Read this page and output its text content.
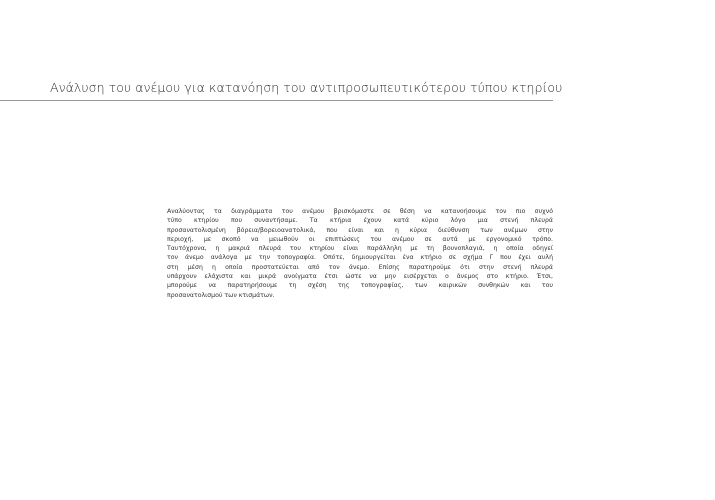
Ανάλυση του ανέμου για κατανόηση του αντιπροσωπευτικότερου τύπου κτηρίου
Αναλύοντας τα διαγράμματα του ανέμου βρισκόμαστε σε θέση να κατανοήσουμε τον πιο συχνό
τύπο κτηρίου που συναντήσαμε. Τα κτήρια έχουν κατά κύριο λόγο μια στενή πλευρά
προσανατολισμένη βόρεια/βορειοανατολικά, που είναι και η κύρια διεύθυνση των ανέμων στην
περιοχή, με σκοπό να μειωθούν οι επιπτώσεις του ανέμου σε αυτά με εργονομικό τρόπο.
Ταυτόχρονα, η μακριά πλευρά του κτηρίου είναι παράλληλη με τη βουνοπλαγιά, η οποία οδηγεί
τον άνεμο ανάλογα με την τοπογραφία. Οπότε, δημιουργείται ένα κτήριο σε σχήμα Γ που έχει αυλή
στη μέση η οποία προστατεύεται από τον άνεμο. Επίσης παρατηρούμε ότι στην στενή πλευρά
υπάρχουν ελάχιστα και μικρά ανοίγματα έτσι ώστε να μην εισέρχεται ο άνεμος στο κτήριο. Έτσι,
μπορούμε να παρατηρήσουμε τη σχέση της τοπογραφίας, των καιρικών συνθηκών και του
προσανατολισμού των κτισμάτων.
